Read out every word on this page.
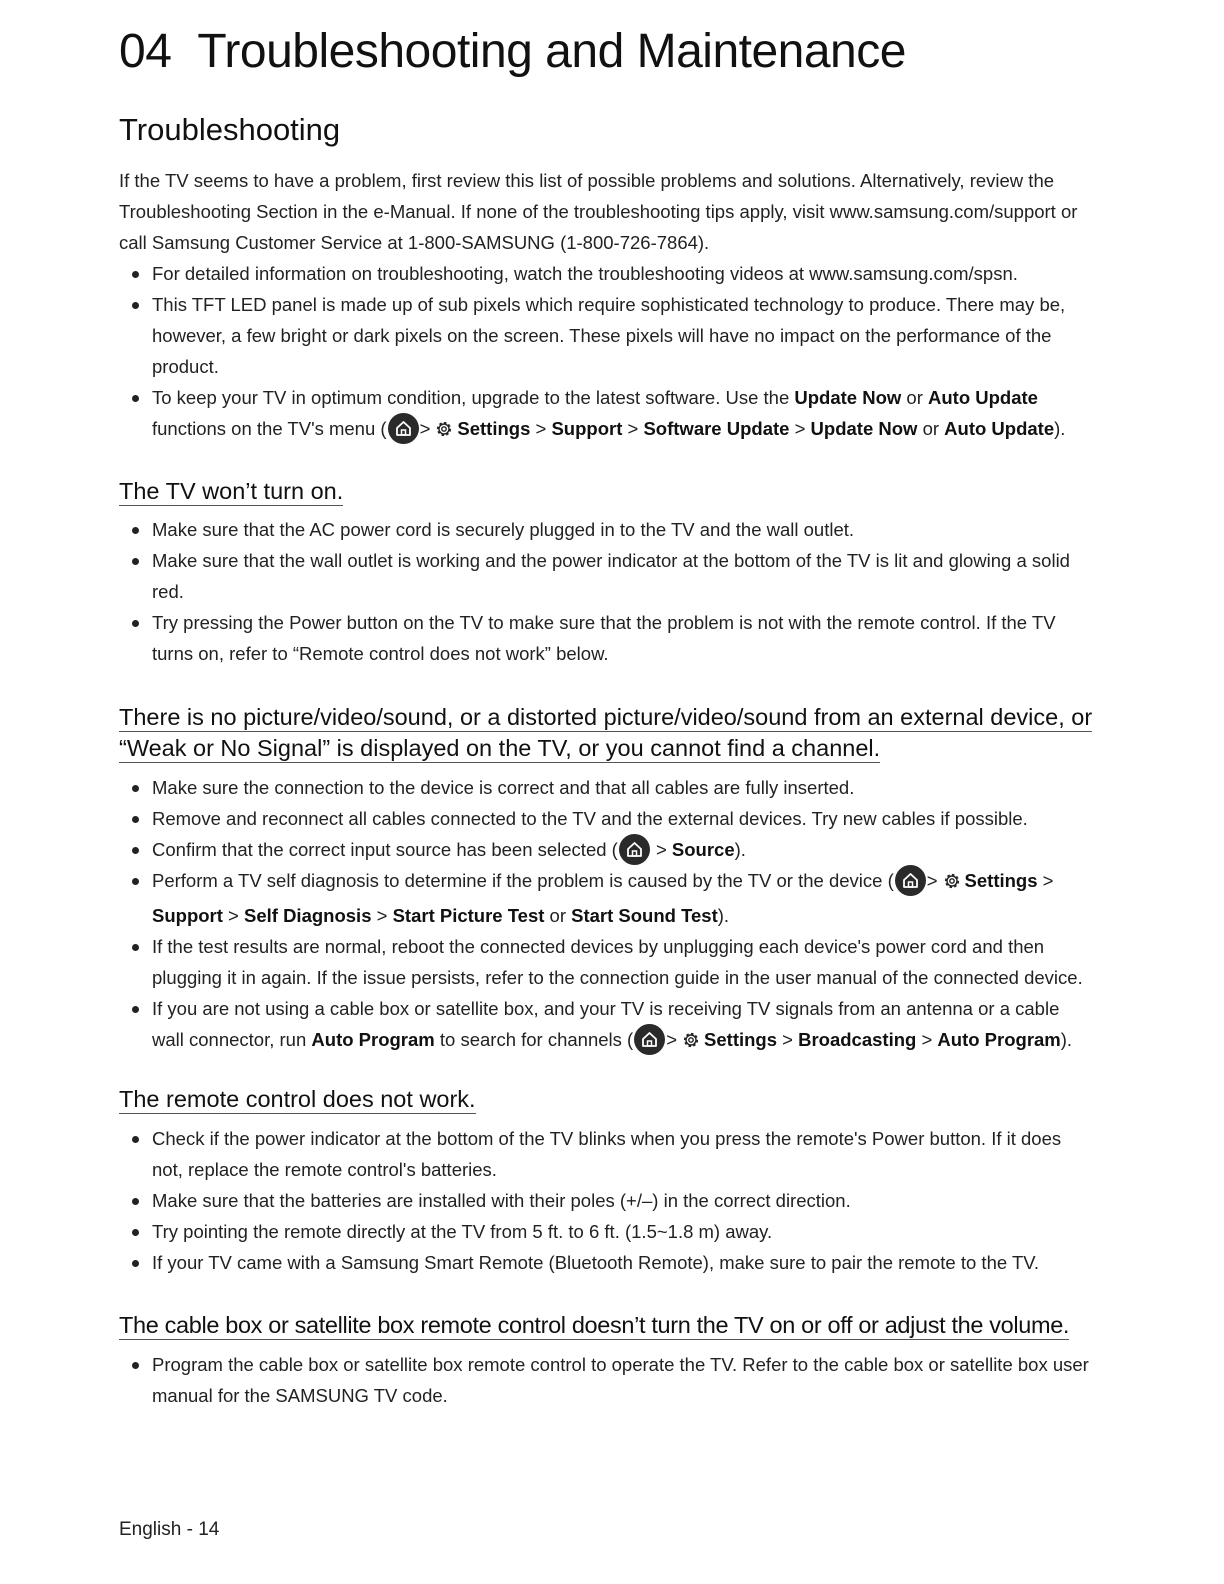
04 Troubleshooting and Maintenance
Troubleshooting

If the TV seems to have a problem, first review this list of possible problems and solutions. Alternatively, review the Troubleshooting Section in the e-Manual. If none of the troubleshooting tips apply, visit www.samsung.com/support or call Samsung Customer Service at 1-800-SAMSUNG (1-800-726-7864).

For detailed information on troubleshooting, watch the troubleshooting videos at www.samsung.com/spsn.
This TFT LED panel is made up of sub pixels which require sophisticated technology to produce. There may be, however, a few bright or dark pixels on the screen. These pixels will have no impact on the performance of the product.
To keep your TV in optimum condition, upgrade to the latest software. Use the Update Now or Auto Update
functions on the TV's menu ( > Settings > Support > Software Update > Update Now or Auto Update).
The TV won’t turn on.
Make sure that the AC power cord is securely plugged in to the TV and the wall outlet.
Make sure that the wall outlet is working and the power indicator at the bottom of the TV is lit and glowing a solid red.
Try pressing the Power button on the TV to make sure that the problem is not with the remote control. If the TV turns on, refer to “Remote control does not work” below.
There is no picture/video/sound, or a distorted picture/video/sound from an external device, or
“Weak or No Signal” is displayed on the TV, or you cannot find a channel.
Make sure the connection to the device is correct and that all cables are fully inserted.
Remove and reconnect all cables connected to the TV and the external devices. Try new cables if possible.
Confirm that the correct input source has been selected ( > Source).
Perform a TV self diagnosis to determine if the problem is caused by the TV or the device ( > Settings >
Support > Self Diagnosis > Start Picture Test or Start Sound Test).
If the test results are normal, reboot the connected devices by unplugging each device's power cord and then plugging it in again. If the issue persists, refer to the connection guide in the user manual of the connected device.
If you are not using a cable box or satellite box, and your TV is receiving TV signals from an antenna or a cable wall connector, run Auto Program to search for channels ( > Settings > Broadcasting > Auto Program).
The remote control does not work.
Check if the power indicator at the bottom of the TV blinks when you press the remote's Power button. If it does not, replace the remote control's batteries.
Make sure that the batteries are installed with their poles (+/–) in the correct direction.
Try pointing the remote directly at the TV from 5 ft. to 6 ft. (1.5~1.8 m) away.
If your TV came with a Samsung Smart Remote (Bluetooth Remote), make sure to pair the remote to the TV.
The cable box or satellite box remote control doesn’t turn the TV on or off or adjust the volume.
Program the cable box or satellite box remote control to operate the TV. Refer to the cable box or satellite box user manual for the SAMSUNG TV code.
English - 14
